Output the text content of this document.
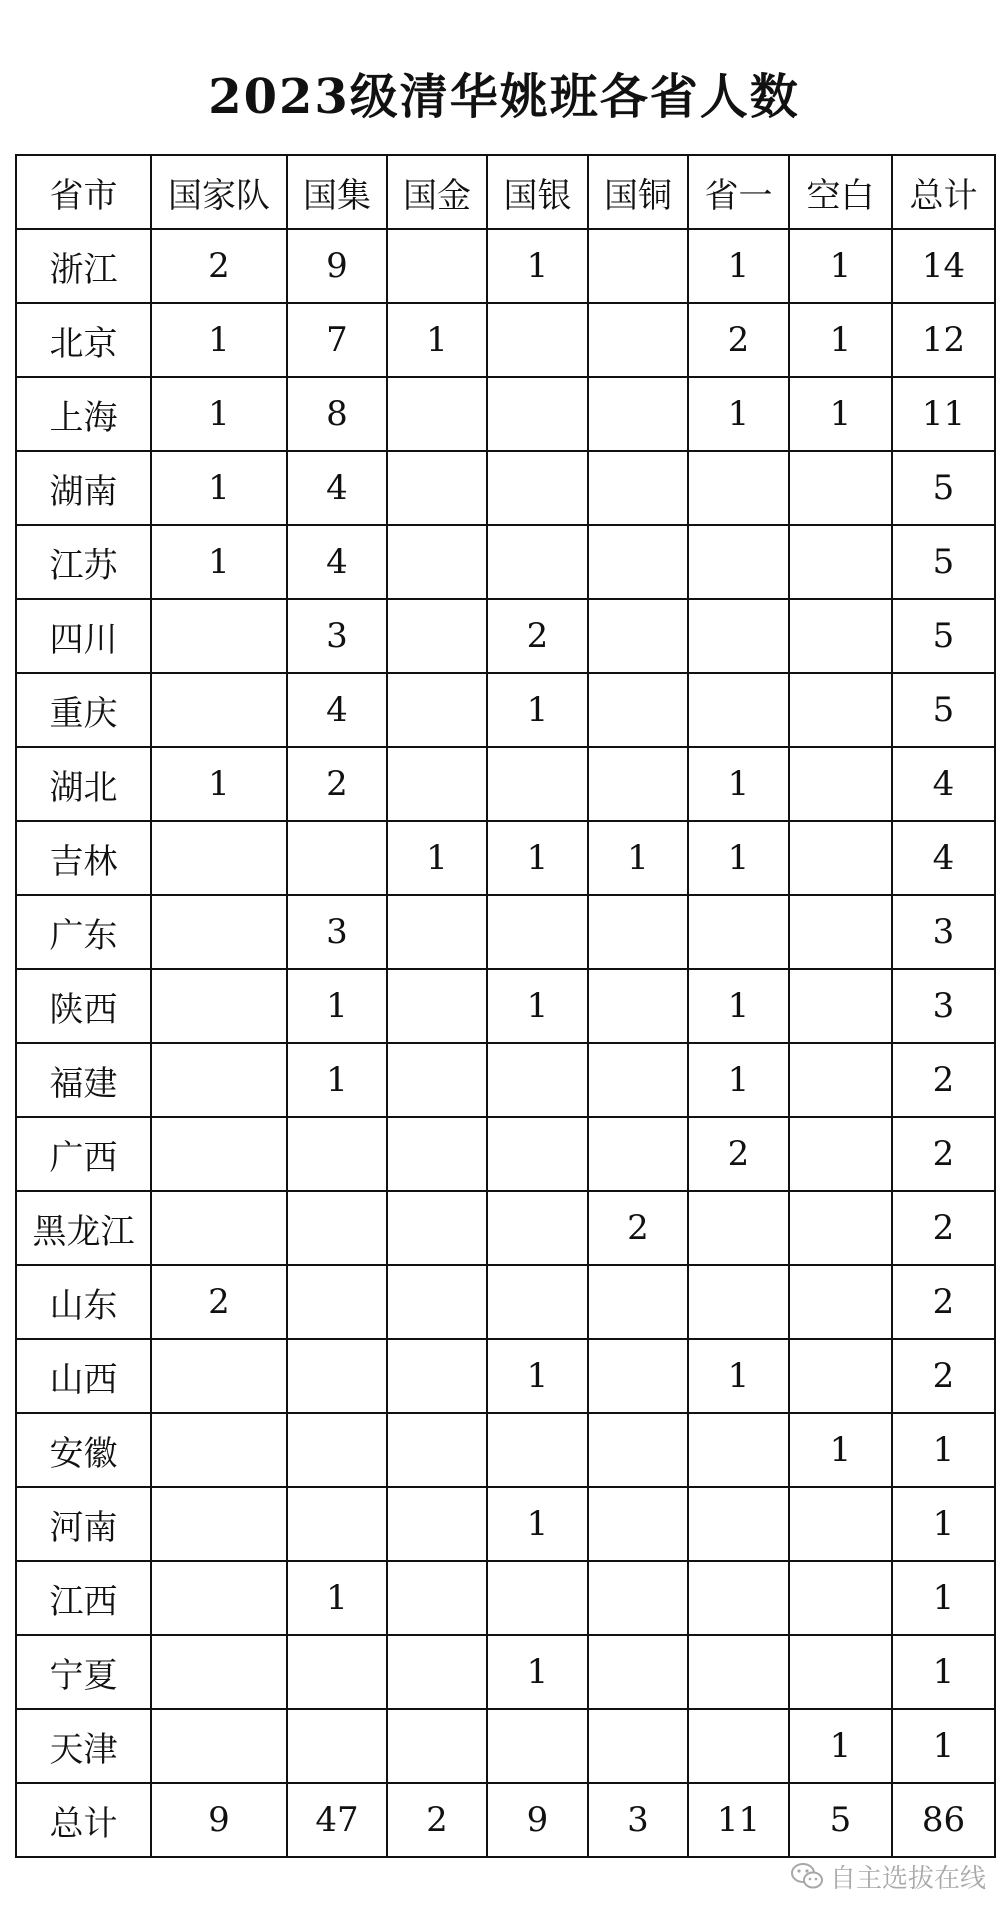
2023级清华姚班各省人数
省市	国家队	国集	国金	国银	国铜	省一	空白	总计
浙江	2	9		1		1	1	14
北京	1	7	1			2	1	12
上海	1	8				1	1	11
湖南	1	4						5
江苏	1	4						5
四川		3		2				5
重庆		4		1				5
湖北	1	2				1		4
吉林			1	1	1	1		4
广东		3						3
陕西		1		1		1		3
福建		1				1		2
广西						2		2
黑龙江					2			2
山东	2							2
山西				1		1		2
安徽							1	1
河南				1				1
江西		1						1
宁夏				1				1
天津							1	1
总计	9	47	2	9	3	11	5	86
自主选拔在线
